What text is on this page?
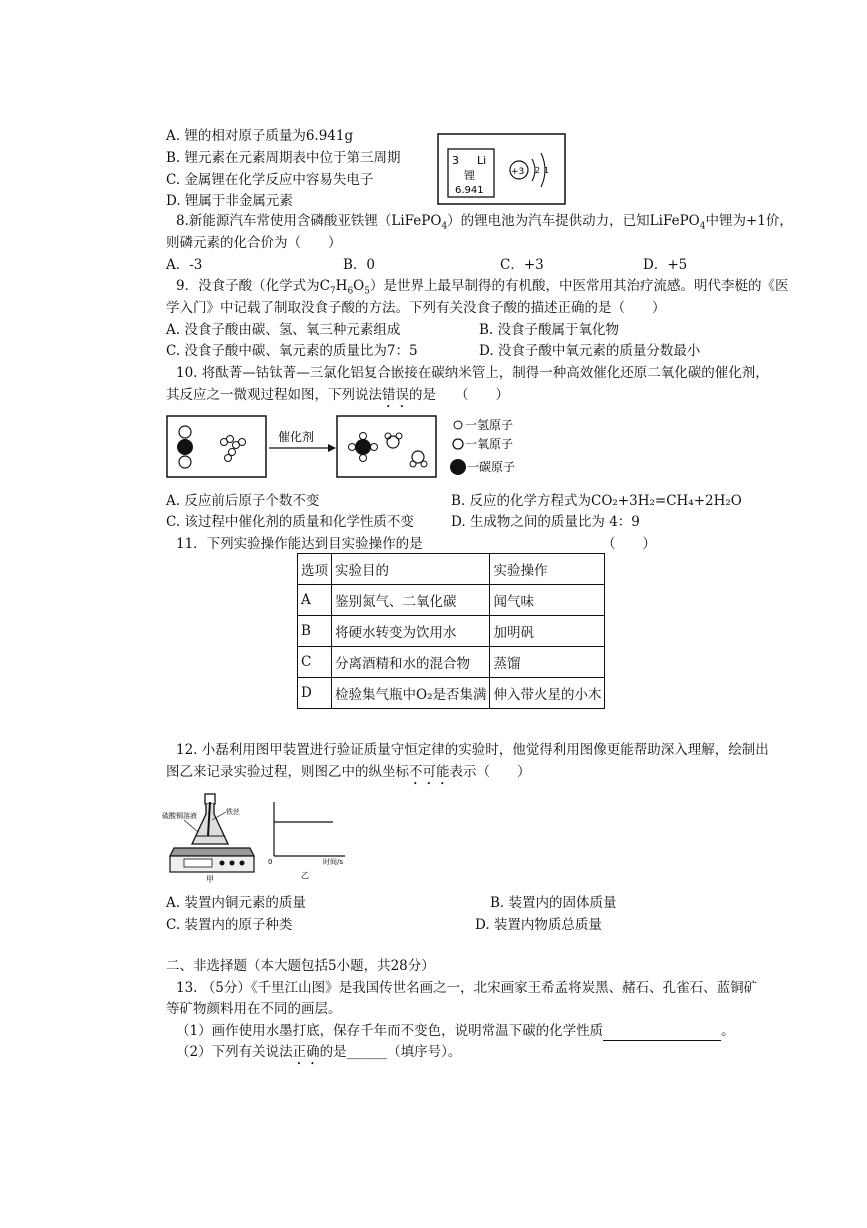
A. 锂的相对原子质量为6.941g
B. 锂元素在元素周期表中位于第三周期
C. 金属锂在化学反应中容易失电子
D. 锂属于非金属元素
3 Li
锂
6.941
+3 2 1
8.新能源汽车常使用含磷酸亚铁锂（LiFePO$_4$）的锂电池为汽车提供动力，已知LiFePO$_4$中锂为+1价，
则磷元素的化合价为（　　）
A．-3	B．0	C．+3	D．+5
9．没食子酸（化学式为$C_7H_6O_5$）是世界上最早制得的有机酸，中医常用其治疗流感。明代李梃的《医
学入门》中记载了制取没食子酸的方法。下列有关没食子酸的描述正确的是（　　）
A. 没食子酸由碳、氢、氧三种元素组成	B. 没食子酸属于氧化物
C. 没食子酸中碳、氧元素的质量比为7：5	D. 没食子酸中氧元素的质量分数最小
10. 将酞菁—钴钛菁—三氯化铝复合嵌接在碳纳米管上，制得一种高效催化还原二氧化碳的催化剂，
其反应之一微观过程如图，下列说法错误的是 （　　）
催化剂
一氢原子
一氧原子
一碳原子
A. 反应前后原子个数不变	B. 反应的化学方程式为CO₂+3H₂=CH₄+2H₂O
C. 该过程中催化剂的质量和化学性质不变	D. 生成物之间的质量比为 4：9
11．下列实验操作能达到目实验操作的是	（　　）
选项	实验目的	实验操作
A	鉴别氮气、二氧化碳	闻气味
B	将硬水转变为饮用水	加明矾
C	分离酒精和水的混合物	蒸馏
D	检验集气瓶中O₂是否集满	伸入带火星的小木
12. 小磊利用图甲装置进行验证质量守恒定律的实验时，他觉得利用图像更能帮助深入理解，绘制出
图乙来记录实验过程，则图乙中的纵坐标不可能表示（　　）
硫酸铜溶液	铁丝
甲
0	时间/s
乙
A. 装置内铜元素的质量	B. 装置内的固体质量
C. 装置内的原子种类	D. 装置内物质总质量
二、非选择题（本大题包括5小题，共28分）
13. （5分）《千里江山图》是我国传世名画之一，北宋画家王希孟将炭黑、赭石、孔雀石、蓝铜矿
等矿物颜料用在不同的画层。
（1）画作使用水墨打底，保存千年而不变色，说明常温下碳的化学性质	。
（2）下列有关说法正确的是______（填序号）。
